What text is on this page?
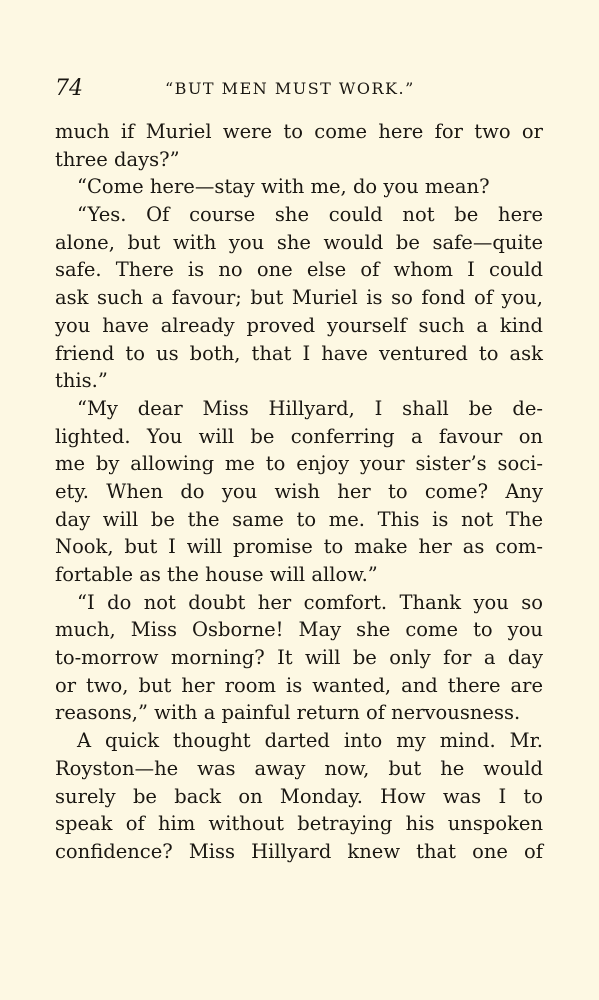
74	“BUT MEN MUST WORK.”
much if Muriel were to come here for two or
three days?”
“Come here—stay with me, do you mean?
“Yes. Of course she could not be here
alone, but with you she would be safe—quite
safe. There is no one else of whom I could
ask such a favour; but Muriel is so fond of you,
you have already proved yourself such a kind
friend to us both, that I have ventured to ask
this.”
“My dear Miss Hillyard, I shall be de-
lighted. You will be conferring a favour on
me by allowing me to enjoy your sister’s soci-
ety. When do you wish her to come? Any
day will be the same to me. This is not The
Nook, but I will promise to make her as com-
fortable as the house will allow.”
“I do not doubt her comfort. Thank you so
much, Miss Osborne! May she come to you
to-morrow morning? It will be only for a day
or two, but her room is wanted, and there are
reasons,” with a painful return of nervousness.
A quick thought darted into my mind. Mr.
Royston—he was away now, but he would
surely be back on Monday. How was I to
speak of him without betraying his unspoken
confidence? Miss Hillyard knew that one of
